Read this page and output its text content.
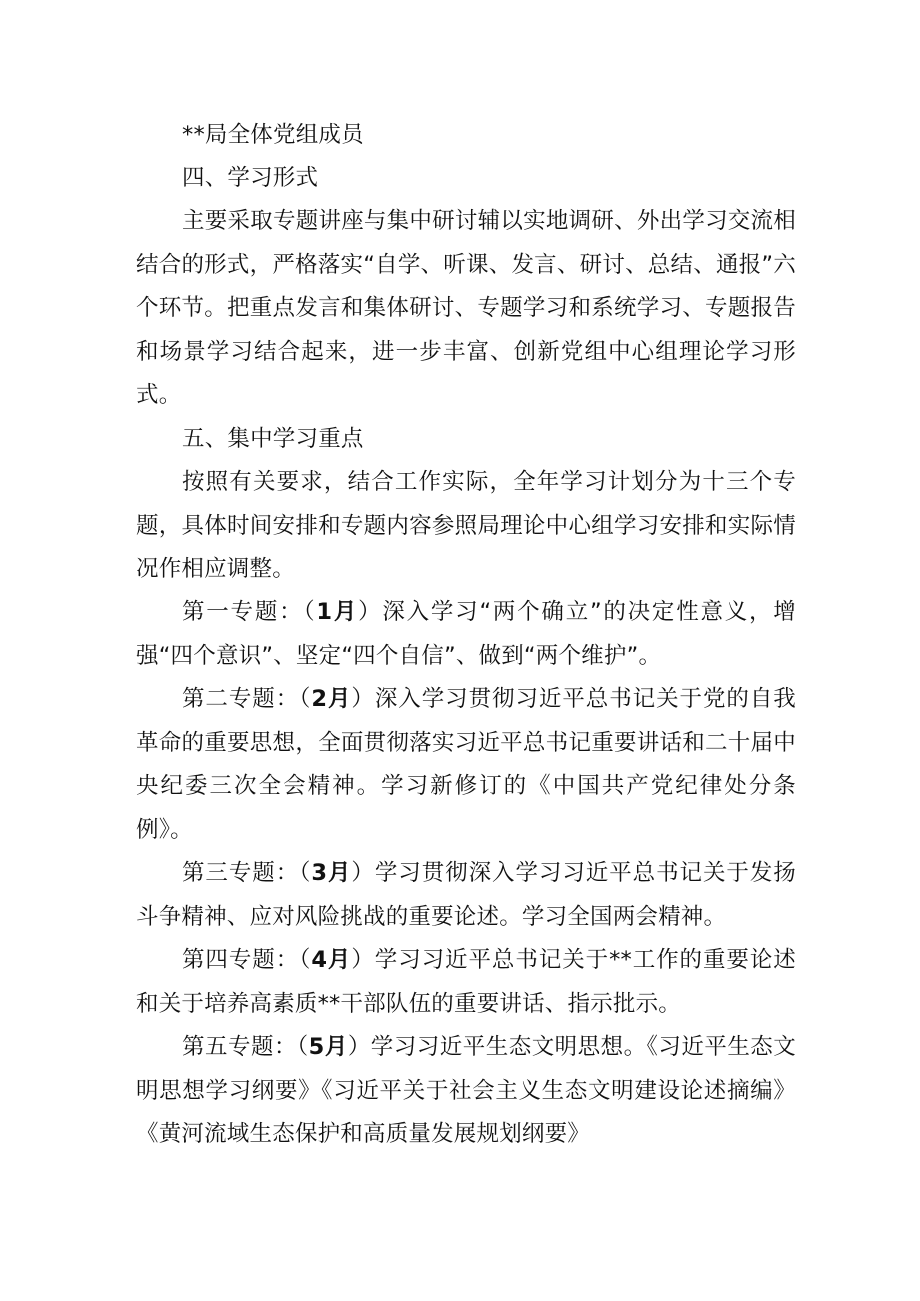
**局全体党组成员

四、学习形式

主要采取专题讲座与集中研讨辅以实地调研、外出学习交流相结合的形式，严格落实“自学、听课、发言、研讨、总结、通报”六个环节。把重点发言和集体研讨、专题学习和系统学习、专题报告和场景学习结合起来，进一步丰富、创新党组中心组理论学习形式。

五、集中学习重点

按照有关要求，结合工作实际，全年学习计划分为十三个专题，具体时间安排和专题内容参照局理论中心组学习安排和实际情况作相应调整。

第一专题：（1月）深入学习“两个确立”的决定性意义，增强“四个意识”、坚定“四个自信”、做到“两个维护”。

第二专题：（2月）深入学习贯彻习近平总书记关于党的自我革命的重要思想，全面贯彻落实习近平总书记重要讲话和二十届中央纪委三次全会精神。学习新修订的《中国共产党纪律处分条例》。

第三专题：（3月）学习贯彻深入学习习近平总书记关于发扬斗争精神、应对风险挑战的重要论述。学习全国两会精神。

第四专题：（4月）学习习近平总书记关于**工作的重要论述和关于培养高素质**干部队伍的重要讲话、指示批示。

第五专题：（5月）学习习近平生态文明思想。《习近平生态文明思想学习纲要》《习近平关于社会主义生态文明建设论述摘编》《黄河流域生态保护和高质量发展规划纲要》
